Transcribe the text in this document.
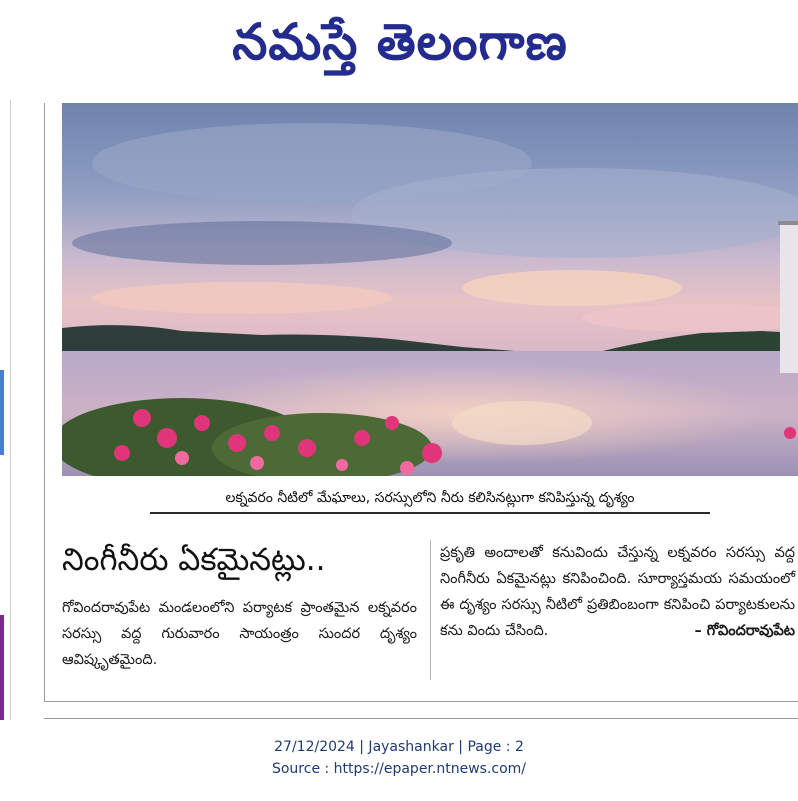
నమస్తే తెలంగాణ
లక్నవరం నీటిలో మేఘాలు, సరస్సులోని నీరు కలిసినట్లుగా కనిపిస్తున్న దృశ్యం
నింగీనీరు ఏకమైనట్లు..
గోవిందరావుపేట మండలంలోని పర్యాటక ప్రాంతమైన లక్నవరం సరస్సు వద్ద గురువారం సాయంత్రం సుందర దృశ్యం ఆవిష్కృతమైంది.
ప్రకృతి అందాలతో కనువిందు చేస్తున్న లక్నవరం సరస్సు వద్ద నింగీనీరు ఏకమైనట్లు కనిపించింది. సూర్యాస్తమయ సమయంలో ఈ దృశ్యం సరస్సు నీటిలో ప్రతిబింబంగా కనిపించి పర్యాటకులను కను విందు చేసింది.	– గోవిందరావుపేట
27/12/2024 | Jayashankar | Page : 2
Source : https://epaper.ntnews.com/
